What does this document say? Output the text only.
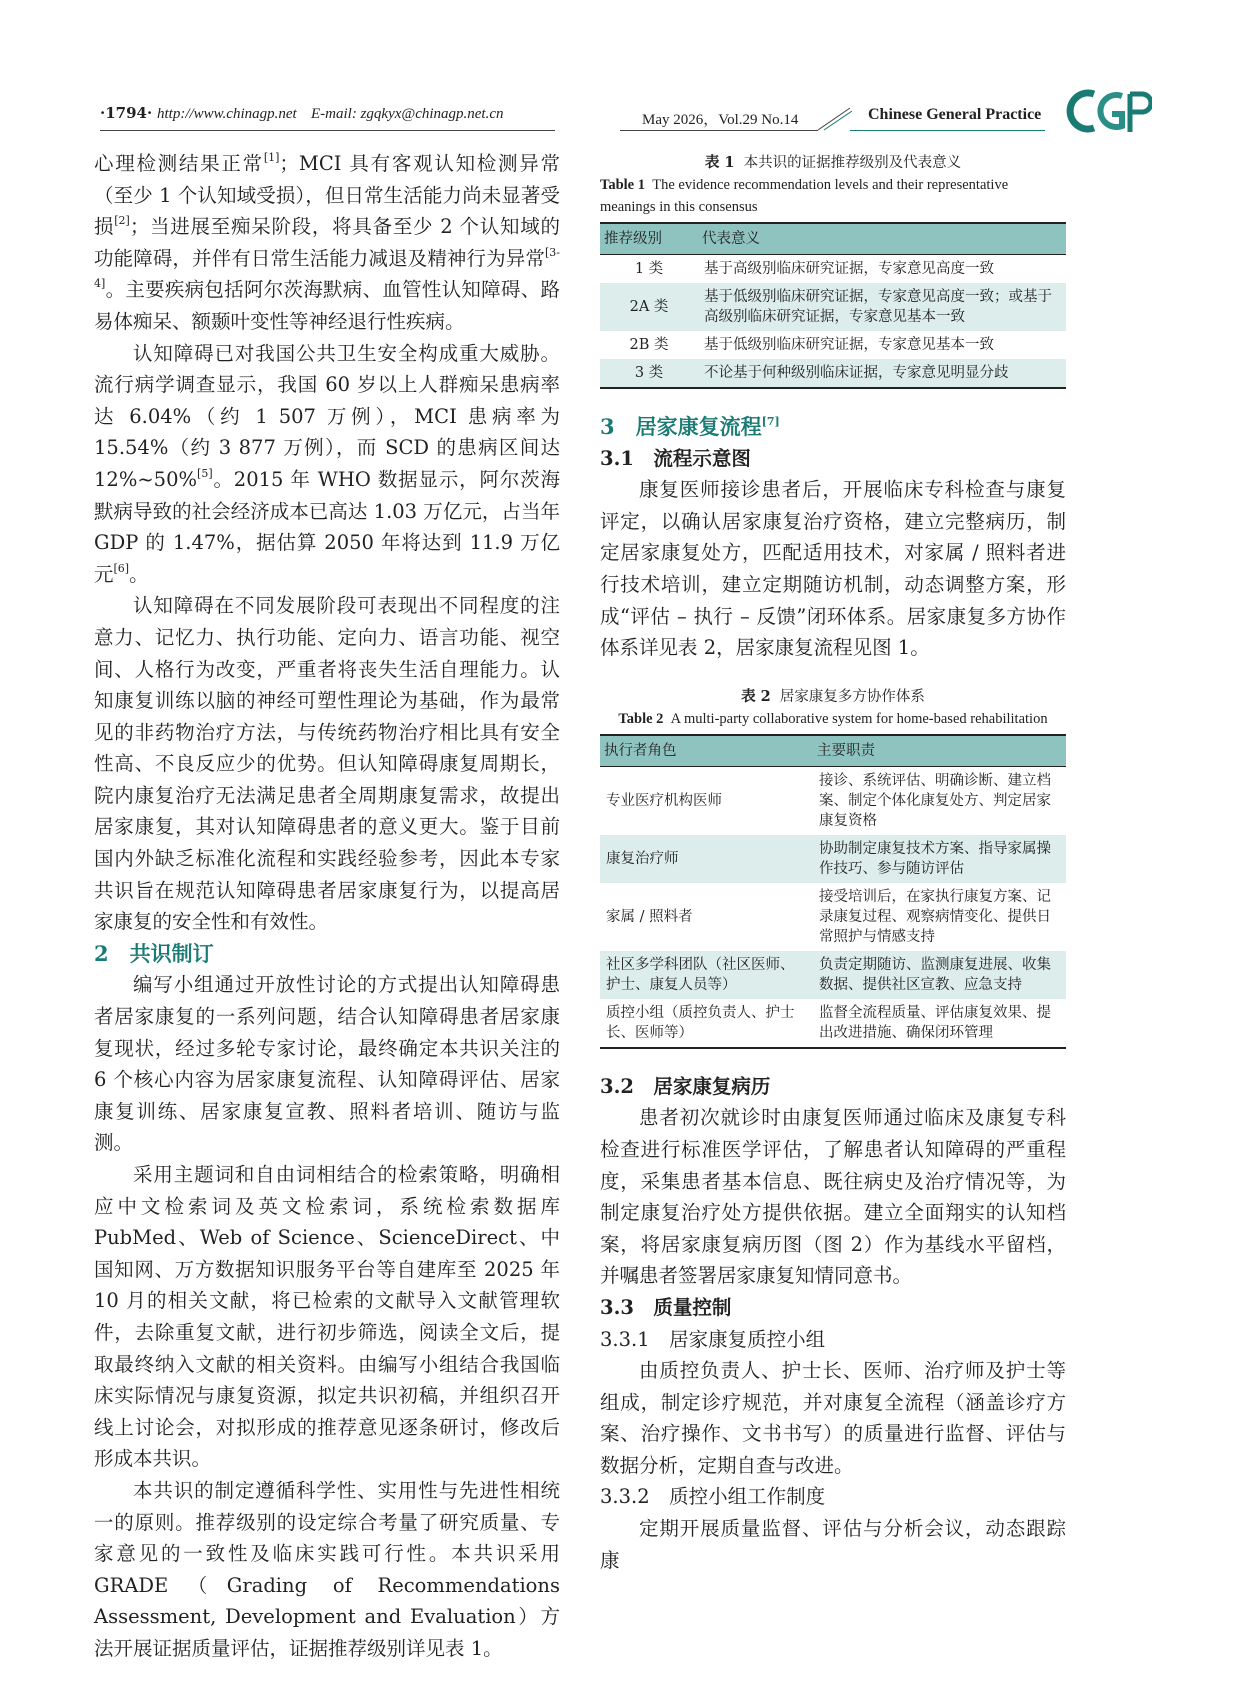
·1794· http://www.chinagp.net E-mail: zgqkyx@chinagp.net.cn	May 2026，Vol.29 No.14	Chinese General Practice

心理检测结果正常[1]；MCI 具有客观认知检测异常（至少 1 个认知域受损），但日常生活能力尚未显著受损[2]；当进展至痴呆阶段，将具备至少 2 个认知域的功能障碍，并伴有日常生活能力减退及精神行为异常[3-4]。主要疾病包括阿尔茨海默病、血管性认知障碍、路易体痴呆、额颞叶变性等神经退行性疾病。

认知障碍已对我国公共卫生安全构成重大威胁。流行病学调查显示，我国 60 岁以上人群痴呆患病率达 6.04%（约 1 507 万例），MCI 患病率为 15.54%（约 3 877 万例），而 SCD 的患病区间达 12%~50%[5]。2015 年 WHO 数据显示，阿尔茨海默病导致的社会经济成本已高达 1.03 万亿元，占当年 GDP 的 1.47%，据估算 2050 年将达到 11.9 万亿元[6]。

认知障碍在不同发展阶段可表现出不同程度的注意力、记忆力、执行功能、定向力、语言功能、视空间、人格行为改变，严重者将丧失生活自理能力。认知康复训练以脑的神经可塑性理论为基础，作为最常见的非药物治疗方法，与传统药物治疗相比具有安全性高、不良反应少的优势。但认知障碍康复周期长，院内康复治疗无法满足患者全周期康复需求，故提出居家康复，其对认知障碍患者的意义更大。鉴于目前国内外缺乏标准化流程和实践经验参考，因此本专家共识旨在规范认知障碍患者居家康复行为，以提高居家康复的安全性和有效性。

2　共识制订

编写小组通过开放性讨论的方式提出认知障碍患者居家康复的一系列问题，结合认知障碍患者居家康复现状，经过多轮专家讨论，最终确定本共识关注的 6 个核心内容为居家康复流程、认知障碍评估、居家康复训练、居家康复宣教、照料者培训、随访与监测。

采用主题词和自由词相结合的检索策略，明确相应中文检索词及英文检索词，系统检索数据库 PubMed、Web of Science、ScienceDirect、中国知网、万方数据知识服务平台等自建库至 2025 年 10 月的相关文献，将已检索的文献导入文献管理软件，去除重复文献，进行初步筛选，阅读全文后，提取最终纳入文献的相关资料。由编写小组结合我国临床实际情况与康复资源，拟定共识初稿，并组织召开线上讨论会，对拟形成的推荐意见逐条研讨，修改后形成本共识。

本共识的制定遵循科学性、实用性与先进性相统一的原则。推荐级别的设定综合考量了研究质量、专家意见的一致性及临床实践可行性。本共识采用 GRADE（Grading of Recommendations Assessment, Development and Evaluation）方法开展证据质量评估，证据推荐级别详见表 1。

表 1 本共识的证据推荐级别及代表意义

Table 1 The evidence recommendation levels and their representative meanings in this consensus

推荐级别	代表意义
1 类	基于高级别临床研究证据，专家意见高度一致
2A 类	基于低级别临床研究证据，专家意见高度一致；或基于高级别临床研究证据，专家意见基本一致
2B 类	基于低级别临床研究证据，专家意见基本一致
3 类	不论基于何种级别临床证据，专家意见明显分歧

3　居家康复流程[7]

3.1　流程示意图

康复医师接诊患者后，开展临床专科检查与康复评定，以确认居家康复治疗资格，建立完整病历，制定居家康复处方，匹配适用技术，对家属 / 照料者进行技术培训，建立定期随访机制，动态调整方案，形成“评估 – 执行 – 反馈”闭环体系。居家康复多方协作体系详见表 2，居家康复流程见图 1。

表 2 居家康复多方协作体系

Table 2 A multi-party collaborative system for home-based rehabilitation

执行者角色	主要职责
专业医疗机构医师	接诊、系统评估、明确诊断、建立档案、制定个体化康复处方、判定居家康复资格
康复治疗师	协助制定康复技术方案、指导家属操作技巧、参与随访评估
家属 / 照料者	接受培训后，在家执行康复方案、记录康复过程、观察病情变化、提供日常照护与情感支持
社区多学科团队（社区医师、护士、康复人员等）	负责定期随访、监测康复进展、收集数据、提供社区宣教、应急支持
质控小组（质控负责人、护士长、医师等）	监督全流程质量、评估康复效果、提出改进措施、确保闭环管理

3.2　居家康复病历

患者初次就诊时由康复医师通过临床及康复专科检查进行标准医学评估，了解患者认知障碍的严重程度，采集患者基本信息、既往病史及治疗情况等，为制定康复治疗处方提供依据。建立全面翔实的认知档案，将居家康复病历图（图 2）作为基线水平留档，并嘱患者签署居家康复知情同意书。

3.3　质量控制

3.3.1　居家康复质控小组

由质控负责人、护士长、医师、治疗师及护士等组成，制定诊疗规范，并对康复全流程（涵盖诊疗方案、治疗操作、文书书写）的质量进行监督、评估与数据分析，定期自查与改进。

3.3.2　质控小组工作制度

定期开展质量监督、评估与分析会议，动态跟踪康
